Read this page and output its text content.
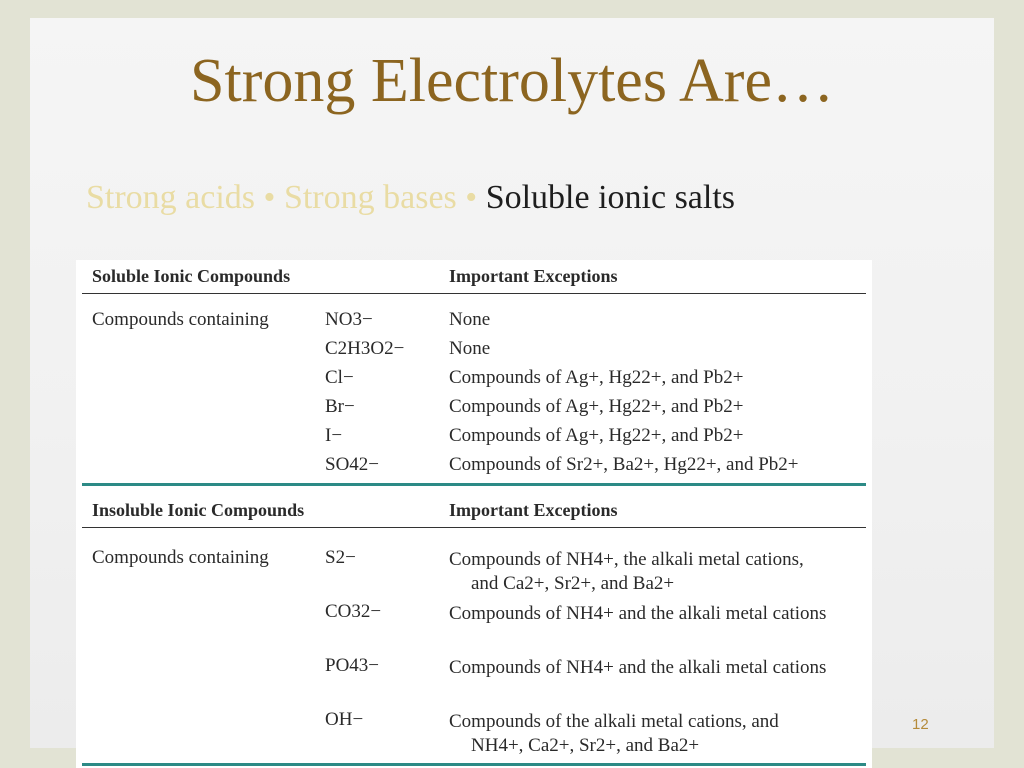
Strong Electrolytes Are…
Strong acids • Strong bases • Soluble ionic salts
Soluble Ionic Compounds	Important Exceptions
Compounds containing	NO3−	None
C2H3O2− None
Cl−	Compounds of Ag+, Hg22+, and Pb2+
Br−	Compounds of Ag+, Hg22+, and Pb2+
I−	Compounds of Ag+, Hg22+, and Pb2+
SO42−	Compounds of Sr2+, Ba2+, Hg22+, and Pb2+
Insoluble Ionic Compounds	Important Exceptions
Compounds containing	S2−	Compounds of NH4+, the alkali metal cations, and Ca2+, Sr2+, and Ba2+
CO32−	Compounds of NH4+ and the alkali metal cations
PO43−	Compounds of NH4+ and the alkali metal cations
OH−	Compounds of the alkali metal cations, and NH4+, Ca2+, Sr2+, and Ba2+
12
